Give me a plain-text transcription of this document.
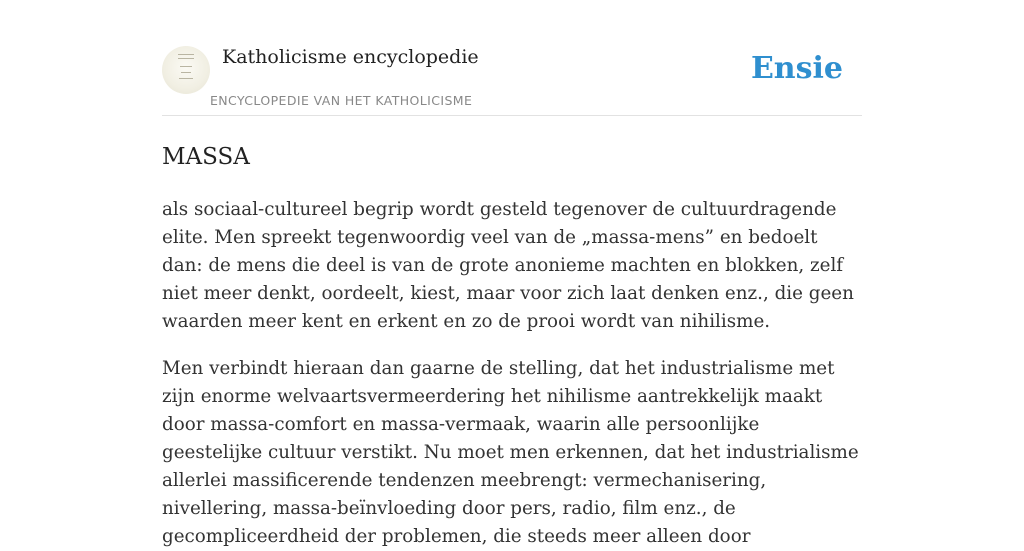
Katholicisme encyclopedie
ENCYCLOPEDIE VAN HET KATHOLICISME
Ensie
MASSA

als sociaal-cultureel begrip wordt gesteld tegenover de cultuurdragende elite. Men spreekt tegenwoordig veel van de „massa-mens” en bedoelt dan: de mens die deel is van de grote anonieme machten en blokken, zelf niet meer denkt, oordeelt, kiest, maar voor zich laat denken enz., die geen waarden meer kent en erkent en zo de prooi wordt van nihilisme.

Men verbindt hieraan dan gaarne de stelling, dat het industrialisme met zijn enorme welvaartsvermeerdering het nihilisme aantrekkelijk maakt door massa-comfort en massa-vermaak, waarin alle persoonlijke geestelijke cultuur verstikt. Nu moet men erkennen, dat het industrialisme allerlei massificerende tendenzen meebrengt: vermechanisering, nivellering, massa-beïnvloeding door pers, radio, film enz., de gecompliceerdheid der problemen, die steeds meer alleen door
